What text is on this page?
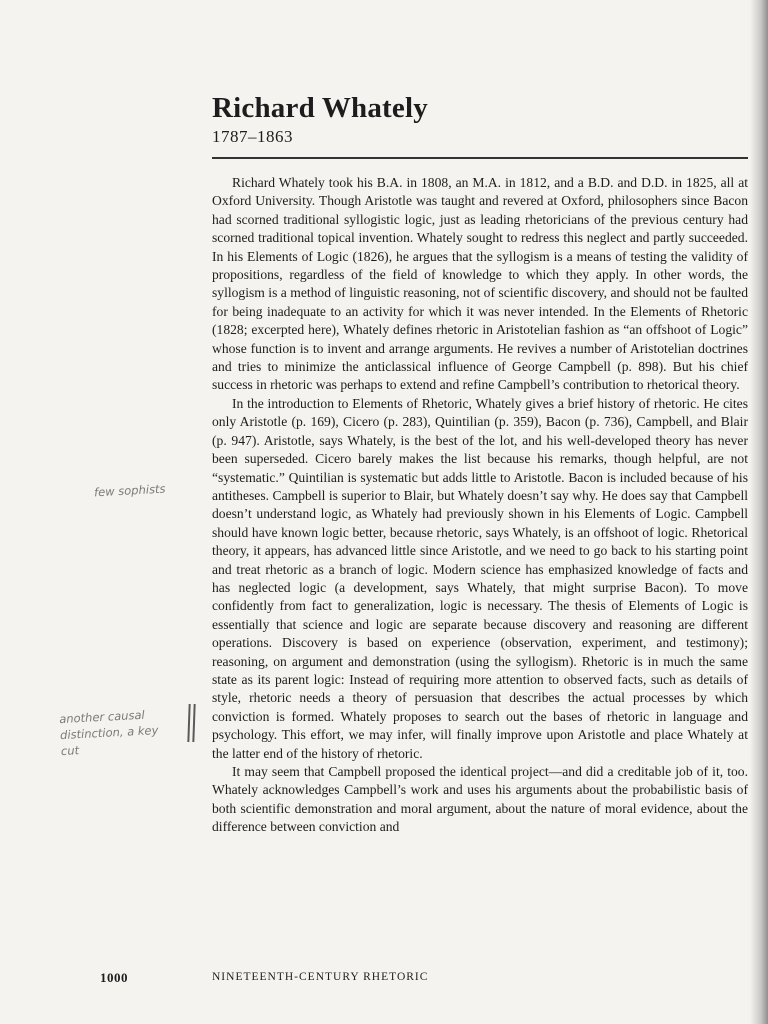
Richard Whately
1787–1863

Richard Whately took his B.A. in 1808, an M.A. in 1812, and a B.D. and D.D. in 1825, all at Oxford University. Though Aristotle was taught and revered at Oxford, philosophers since Bacon had scorned traditional syllogistic logic, just as leading rhetoricians of the previous century had scorned traditional topical invention. Whately sought to redress this neglect and partly succeeded. In his Elements of Logic (1826), he argues that the syllogism is a means of testing the validity of propositions, regardless of the field of knowledge to which they apply. In other words, the syllogism is a method of linguistic reasoning, not of scientific discovery, and should not be faulted for being inadequate to an activity for which it was never intended. In the Elements of Rhetoric (1828; excerpted here), Whately defines rhetoric in Aristotelian fashion as “an offshoot of Logic” whose function is to invent and arrange arguments. He revives a number of Aristotelian doctrines and tries to minimize the anticlassical influence of George Campbell (p. 898). But his chief success in rhetoric was perhaps to extend and refine Campbell’s contribution to rhetorical theory.

In the introduction to Elements of Rhetoric, Whately gives a brief history of rhetoric. He cites only Aristotle (p. 169), Cicero (p. 283), Quintilian (p. 359), Bacon (p. 736), Campbell, and Blair (p. 947). Aristotle, says Whately, is the best of the lot, and his well-developed theory has never been superseded. Cicero barely makes the list because his remarks, though helpful, are not “systematic.” Quintilian is systematic but adds little to Aristotle. Bacon is included because of his antitheses. Campbell is superior to Blair, but Whately doesn’t say why. He does say that Campbell doesn’t understand logic, as Whately had previously shown in his Elements of Logic. Campbell should have known logic better, because rhetoric, says Whately, is an offshoot of logic. Rhetorical theory, it appears, has advanced little since Aristotle, and we need to go back to his starting point and treat rhetoric as a branch of logic. Modern science has emphasized knowledge of facts and has neglected logic (a development, says Whately, that might surprise Bacon). To move confidently from fact to generalization, logic is necessary. The thesis of Elements of Logic is essentially that science and logic are separate because discovery and reasoning are different operations. Discovery is based on experience (observation, experiment, and testimony); reasoning, on argument and demonstration (using the syllogism). Rhetoric is in much the same state as its parent logic: Instead of requiring more attention to observed facts, such as details of style, rhetoric needs a theory of persuasion that describes the actual processes by which conviction is formed. Whately proposes to search out the bases of rhetoric in language and psychology. This effort, we may infer, will finally improve upon Aristotle and place Whately at the latter end of the history of rhetoric.

It may seem that Campbell proposed the identical project—and did a creditable job of it, too. Whately acknowledges Campbell’s work and uses his arguments about the probabilistic basis of both scientific demonstration and moral argument, about the nature of moral evidence, about the difference between conviction and

few sophists
another causal distinction, a key cut
1000	NINETEENTH-CENTURY RHETORIC
